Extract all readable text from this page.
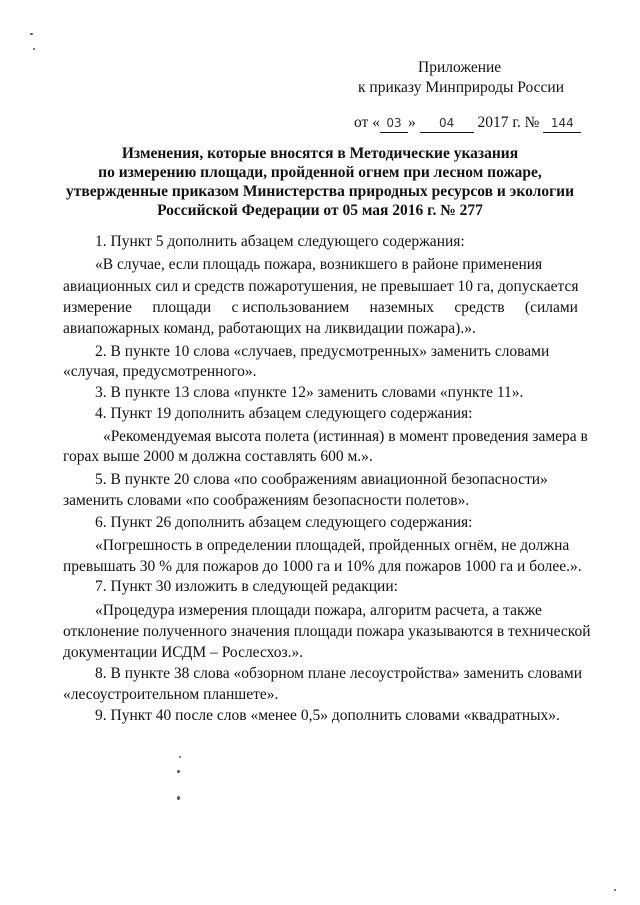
Приложение
к приказу Минприроды России
от « 03 » 04 2017 г. № 144
Изменения, которые вносятся в Методические указания
по измерению площади, пройденной огнем при лесном пожаре,
утвержденные приказом Министерства природных ресурсов и экологии
Российской Федерации от 05 мая 2016 г. № 277
1. Пункт 5 дополнить абзацем следующего содержания:
«В случае, если площадь пожара, возникшего в районе применения
авиационных сил и средств пожаротушения, не превышает 10 га, допускается
измерение площади с использованием наземных средств (силами
авиапожарных команд, работающих на ликвидации пожара).».
2. В пункте 10 слова «случаев, предусмотренных» заменить словами
«случая, предусмотренного».
3. В пункте 13 слова «пункте 12» заменить словами «пункте 11».
4. Пункт 19 дополнить абзацем следующего содержания:
«Рекомендуемая высота полета (истинная) в момент проведения замера в
горах выше 2000 м должна составлять 600 м.».
5. В пункте 20 слова «по соображениям авиационной безопасности»
заменить словами «по соображениям безопасности полетов».
6. Пункт 26 дополнить абзацем следующего содержания:
«Погрешность в определении площадей, пройденных огнём, не должна
превышать 30 % для пожаров до 1000 га и 10% для пожаров 1000 га и более.».
7. Пункт 30 изложить в следующей редакции:
«Процедура измерения площади пожара, алгоритм расчета, а также
отклонение полученного значения площади пожара указываются в технической
документации ИСДМ – Рослесхоз.».
8. В пункте 38 слова «обзорном плане лесоустройства» заменить словами
«лесоустроительном планшете».
9. Пункт 40 после слов «менее 0,5» дополнить словами «квадратных».
